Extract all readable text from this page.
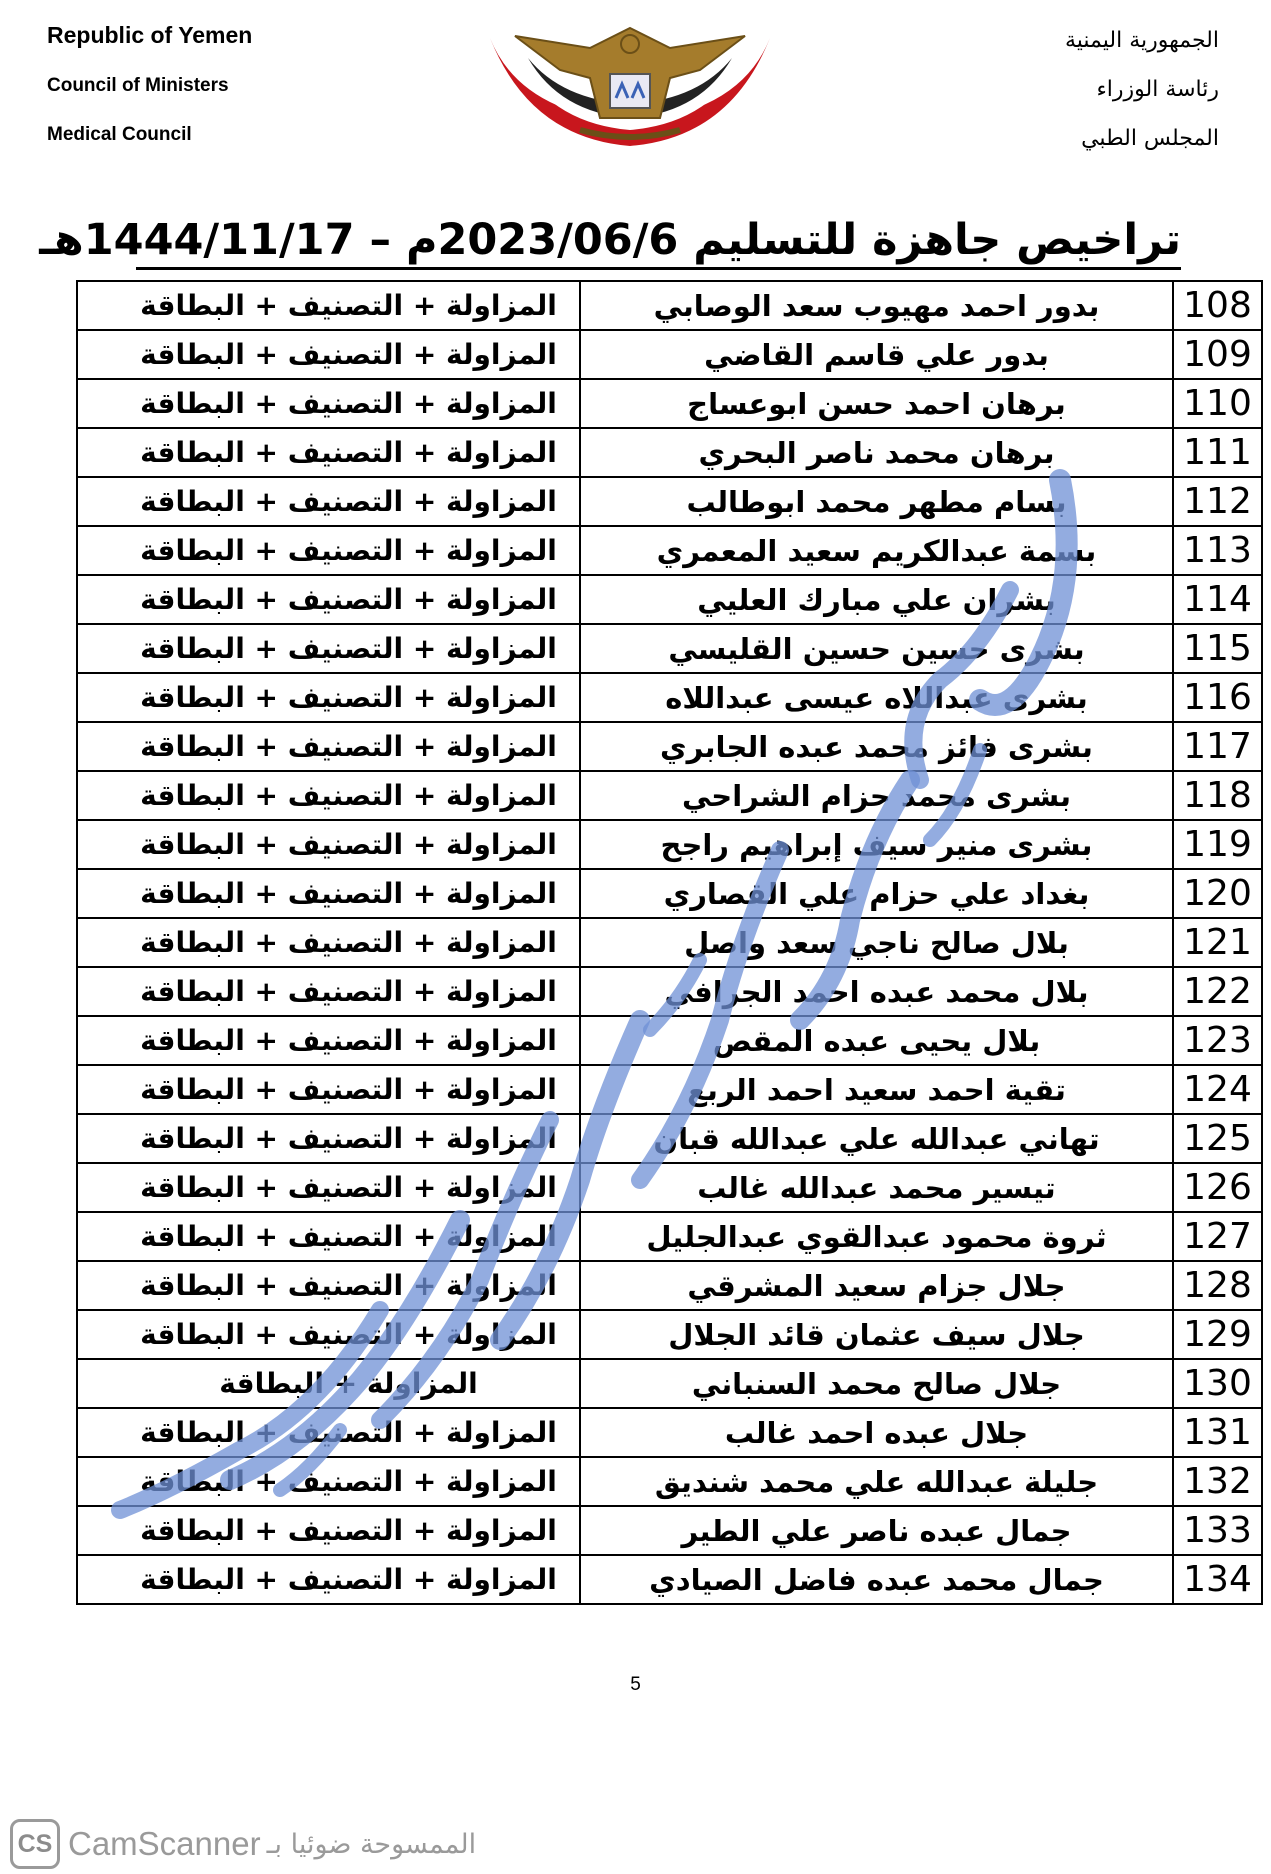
Republic of Yemen
Council of Ministers
Medical Council
الجمهورية اليمنية
رئاسة الوزراء
المجلس الطبي
تراخيص جاهزة للتسليم 2023/06/6م – 1444/11/17هـ
108	بدور احمد مهيوب سعد الوصابي	المزاولة + التصنيف + البطاقة
109	بدور علي قاسم القاضي	المزاولة + التصنيف + البطاقة
110	برهان احمد حسن ابوعساج	المزاولة + التصنيف + البطاقة
111	برهان محمد ناصر البحري	المزاولة + التصنيف + البطاقة
112	بسام مطهر محمد ابوطالب	المزاولة + التصنيف + البطاقة
113	بسمة عبدالكريم سعيد المعمري	المزاولة + التصنيف + البطاقة
114	بشران علي مبارك العليي	المزاولة + التصنيف + البطاقة
115	بشرى حسين حسين القليسي	المزاولة + التصنيف + البطاقة
116	بشرى عبداللاه عيسى عبداللاه	المزاولة + التصنيف + البطاقة
117	بشرى فائز محمد عبده الجابري	المزاولة + التصنيف + البطاقة
118	بشرى محمد حزام الشراحي	المزاولة + التصنيف + البطاقة
119	بشرى منير سيف إبراهيم راجح	المزاولة + التصنيف + البطاقة
120	بغداد علي حزام علي القصاري	المزاولة + التصنيف + البطاقة
121	بلال صالح ناجي سعد واصل	المزاولة + التصنيف + البطاقة
122	بلال محمد عبده احمد الجرافي	المزاولة + التصنيف + البطاقة
123	بلال يحيى عبده المقص	المزاولة + التصنيف + البطاقة
124	تقية احمد سعيد احمد الربع	المزاولة + التصنيف + البطاقة
125	تهاني عبدالله علي عبدالله قبان	المزاولة + التصنيف + البطاقة
126	تيسير محمد عبدالله غالب	المزاولة + التصنيف + البطاقة
127	ثروة محمود عبدالقوي عبدالجليل	المزاولة + التصنيف + البطاقة
128	جلال جزام سعيد المشرقي	المزاولة + التصنيف + البطاقة
129	جلال سيف عثمان قائد الجلال	المزاولة + التصنيف + البطاقة
130	جلال صالح محمد السنباني	المزاولة + البطاقة
131	جلال عبده احمد غالب	المزاولة + التصنيف + البطاقة
132	جليلة عبدالله علي محمد شنديق	المزاولة + التصنيف + البطاقة
133	جمال عبده ناصر علي الطير	المزاولة + التصنيف + البطاقة
134	جمال محمد عبده فاضل الصيادي	المزاولة + التصنيف + البطاقة
5
CS CamScanner الممسوحة ضوئيا بـ
